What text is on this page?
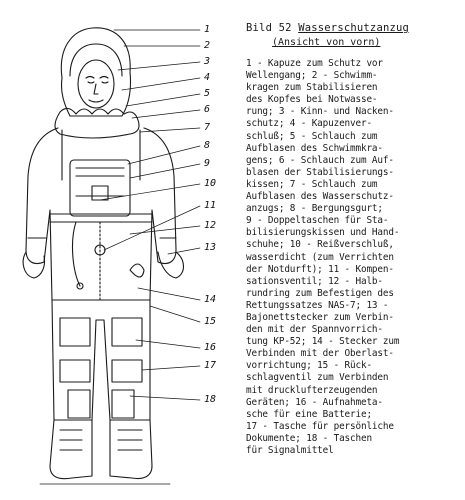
1
2
3
4
5
6
7
8
9
10
11
12
13
14
15
16
17
18
Bild 52 Wasserschutzanzug
(Ansicht von vorn)
1 - Kapuze zum Schutz vor
Wellengang; 2 - Schwimm-
kragen zum Stabilisieren
des Kopfes bei Notwasse-
rung; 3 - Kinn- und Nacken-
schutz; 4 - Kapuzenver-
schluß; 5 - Schlauch zum
Aufblasen des Schwimmkra-
gens; 6 - Schlauch zum Auf-
blasen der Stabilisierungs-
kissen; 7 - Schlauch zum
Aufblasen des Wasserschutz-
anzugs; 8 - Bergungsgurt;
9 - Doppeltaschen für Sta-
bilisierungskissen und Hand-
schuhe; 10 - Reißverschluß,
wasserdicht (zum Verrichten
der Notdurft); 11 - Kompen-
sationsventil; 12 - Halb-
rundring zum Befestigen des
Rettungssatzes NAS-7; 13 -
Bajonettstecker zum Verbin-
den mit der Spannvorrich-
tung KP-52; 14 - Stecker zum
Verbinden mit der Oberlast-
vorrichtung; 15 - Rück-
schlagventil zum Verbinden
mit drucklufterzeugenden
Geräten; 16 - Aufnahmeta-
sche für eine Batterie;
17 - Tasche für persönliche
Dokumente; 18 - Taschen
für Signalmittel
